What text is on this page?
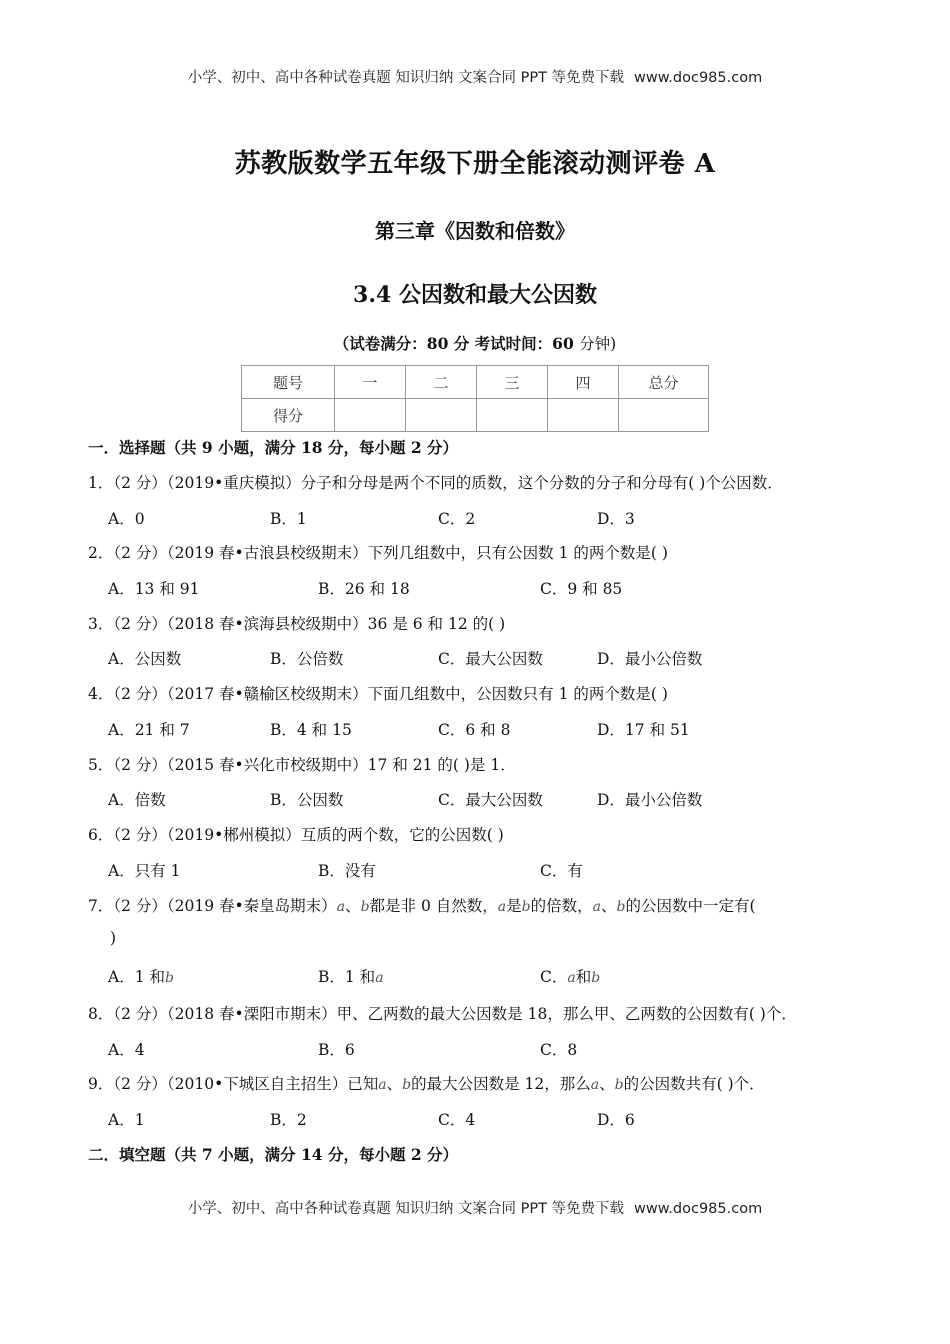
小学、初中、高中各种试卷真题 知识归纳 文案合同 PPT 等免费下载 www.doc985.com
苏教版数学五年级下册全能滚动测评卷 A
第三章《因数和倍数》
3.4 公因数和最大公因数
（试卷满分：80 分 考试时间：60 分钟)
题号	一	二	三	四	总分
得分					
一．选择题（共 9 小题，满分 18 分，每小题 2 分）
1．（2 分）（2019•重庆模拟）分子和分母是两个不同的质数，这个分数的分子和分母有( )个公因数．
A．0	B．1	C．2	D．3
2．（2 分）（2019 春•古浪县校级期末）下列几组数中，只有公因数 1 的两个数是( )
A．13 和 91	B．26 和 18	C．9 和 85
3．（2 分）（2018 春•滨海县校级期中）36 是 6 和 12 的( )
A．公因数	B．公倍数	C．最大公因数	D．最小公倍数
4．（2 分）（2017 春•赣榆区校级期末）下面几组数中，公因数只有 1 的两个数是( )
A．21 和 7	B．4 和 15	C．6 和 8	D．17 和 51
5．（2 分）（2015 春•兴化市校级期中）17 和 21 的( )是 1．
A．倍数	B．公因数	C．最大公因数	D．最小公倍数
6．（2 分）（2019•郴州模拟）互质的两个数，它的公因数( )
A．只有 1	B．没有	C．有
7．（2 分）（2019 春•秦皇岛期末）a、b都是非 0 自然数，a是b的倍数，a、b的公因数中一定有(
)
A．1 和b	B．1 和a	C．a和b
8．（2 分）（2018 春•溧阳市期末）甲、乙两数的最大公因数是 18，那么甲、乙两数的公因数有( )个．
A．4	B．6	C．8
9．（2 分）（2010•下城区自主招生）已知a、b的最大公因数是 12，那么a、b的公因数共有( )个．
A．1	B．2	C．4	D．6
二．填空题（共 7 小题，满分 14 分，每小题 2 分）
小学、初中、高中各种试卷真题 知识归纳 文案合同 PPT 等免费下载 www.doc985.com
